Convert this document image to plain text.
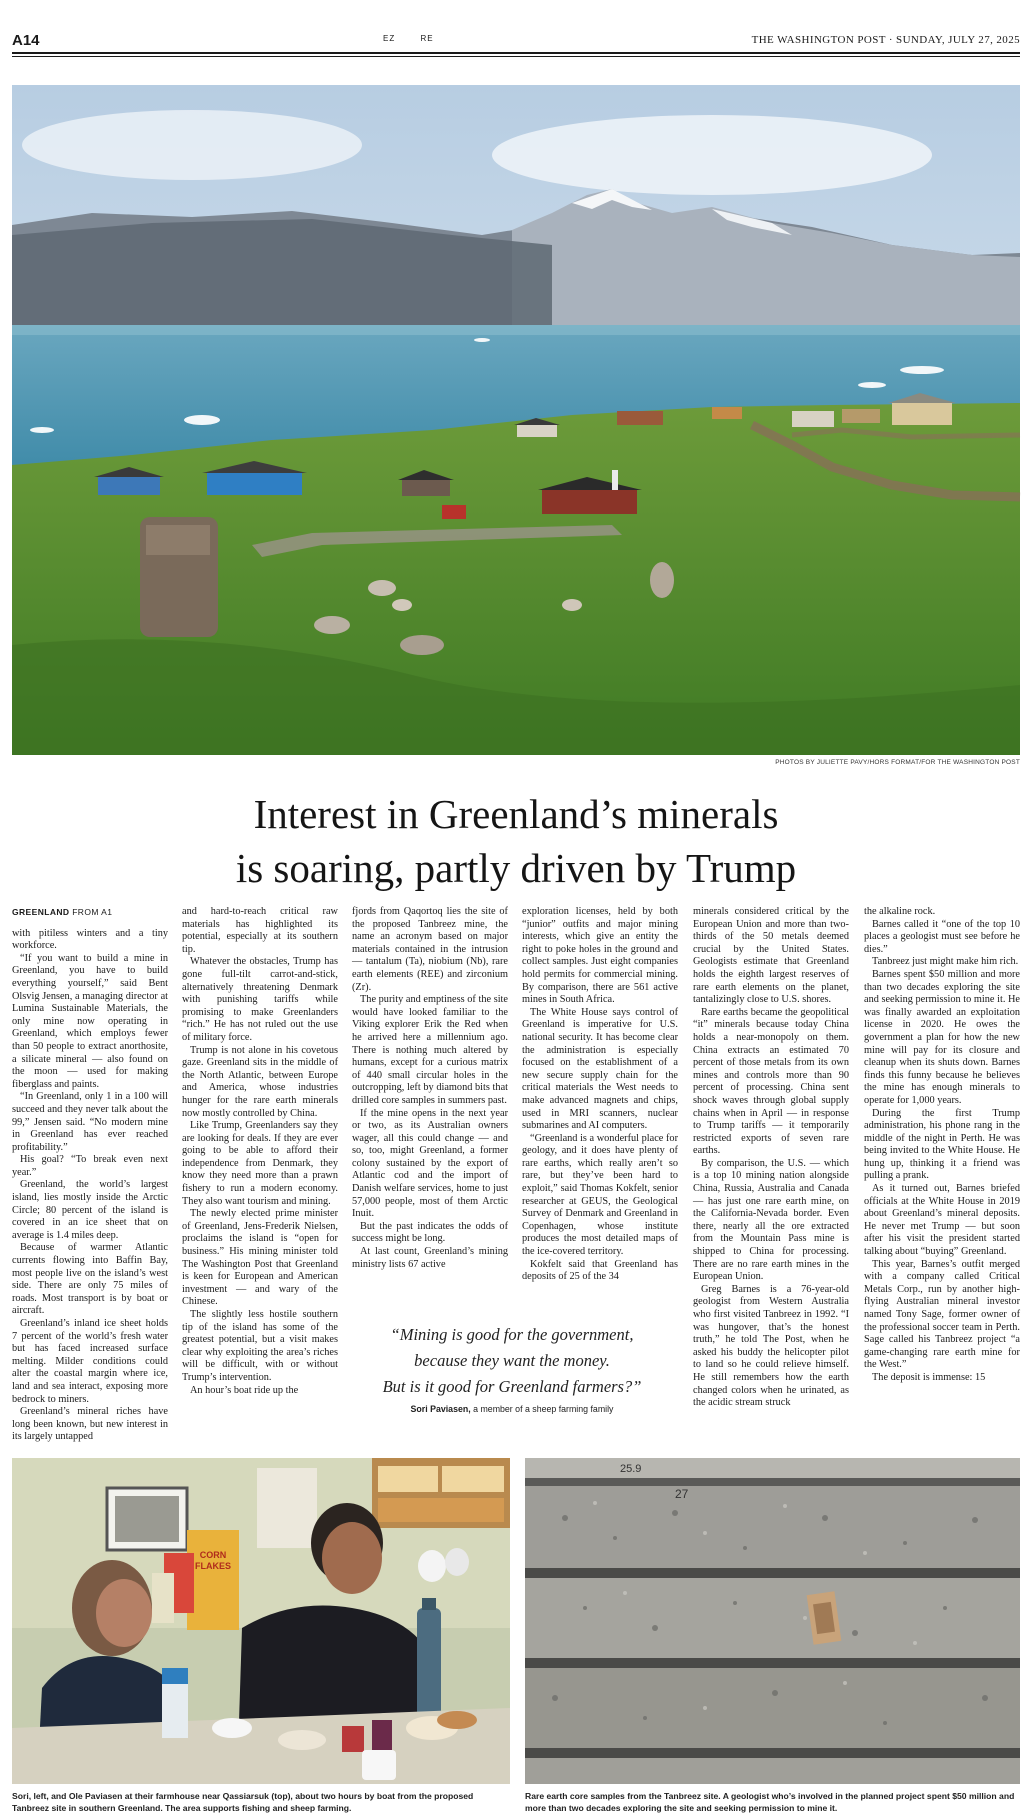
A14	EZ	RE	THE WASHINGTON POST · SUNDAY, JULY 27, 2025
PHOTOS BY JULIETTE PAVY/HORS FORMAT/FOR THE WASHINGTON POST
Interest in Greenland’s minerals
is soaring, partly driven by Trump

GREENLAND FROM A1

with pitiless winters and a tiny workforce.

“If you want to build a mine in Greenland, you have to build everything yourself,” said Bent Olsvig Jensen, a managing director at Lumina Sustainable Materials, the only mine now operating in Greenland, which employs fewer than 50 people to extract anorthosite, a silicate mineral — also found on the moon — used for making fiberglass and paints.

“In Greenland, only 1 in a 100 will succeed and they never talk about the 99,” Jensen said. “No modern mine in Greenland has ever reached profitability.”

His goal? “To break even next year.”

Greenland, the world’s largest island, lies mostly inside the Arctic Circle; 80 percent of the island is covered in an ice sheet that on average is 1.4 miles deep.

Because of warmer Atlantic currents flowing into Baffin Bay, most people live on the island’s west side. There are only 75 miles of roads. Most transport is by boat or aircraft.

Greenland’s inland ice sheet holds 7 percent of the world’s fresh water but has faced increased surface melting. Milder conditions could alter the coastal margin where ice, land and sea interact, exposing more bedrock to miners.

Greenland’s mineral riches have long been known, but new interest in its largely untapped

and hard-to-reach critical raw materials has highlighted its potential, especially at its southern tip.

Whatever the obstacles, Trump has gone full-tilt carrot-and-stick, alternatively threatening Denmark with punishing tariffs while promising to make Greenlanders “rich.” He has not ruled out the use of military force.

Trump is not alone in his covetous gaze. Greenland sits in the middle of the North Atlantic, between Europe and America, whose industries hunger for the rare earth minerals now mostly controlled by China.

Like Trump, Greenlanders say they are looking for deals. If they are ever going to be able to afford their independence from Denmark, they know they need more than a prawn fishery to run a modern economy. They also want tourism and mining.

The newly elected prime minister of Greenland, Jens-Frederik Nielsen, proclaims the island is “open for business.” His mining minister told The Washington Post that Greenland is keen for European and American investment — and wary of the Chinese.

The slightly less hostile southern tip of the island has some of the greatest potential, but a visit makes clear why exploiting the area’s riches will be difficult, with or without Trump’s intervention.

An hour’s boat ride up the

fjords from Qaqortoq lies the site of the proposed Tanbreez mine, the name an acronym based on major materials contained in the intrusion — tantalum (Ta), niobium (Nb), rare earth elements (REE) and zirconium (Zr).

The purity and emptiness of the site would have looked familiar to the Viking explorer Erik the Red when he arrived here a millennium ago. There is nothing much altered by humans, except for a curious matrix of 440 small circular holes in the outcropping, left by diamond bits that drilled core samples in summers past.

If the mine opens in the next year or two, as its Australian owners wager, all this could change — and so, too, might Greenland, a former colony sustained by the export of Atlantic cod and the import of Danish welfare services, home to just 57,000 people, most of them Arctic Inuit.

But the past indicates the odds of success might be long.

At last count, Greenland’s mining ministry lists 67 active

exploration licenses, held by both “junior” outfits and major mining interests, which give an entity the right to poke holes in the ground and collect samples. Just eight companies hold permits for commercial mining. By comparison, there are 561 active mines in South Africa.

The White House says control of Greenland is imperative for U.S. national security. It has become clear the administration is especially focused on the establishment of a new secure supply chain for the critical materials the West needs to make advanced magnets and chips, used in MRI scanners, nuclear submarines and AI computers.

“Greenland is a wonderful place for geology, and it does have plenty of rare earths, which really aren’t so rare, but they’ve been hard to exploit,” said Thomas Kokfelt, senior researcher at GEUS, the Geological Survey of Denmark and Greenland in Copenhagen, whose institute produces the most detailed maps of the ice-covered territory.

Kokfelt said that Greenland has deposits of 25 of the 34

minerals considered critical by the European Union and more than two-thirds of the 50 metals deemed crucial by the United States. Geologists estimate that Greenland holds the eighth largest reserves of rare earth elements on the planet, tantalizingly close to U.S. shores.

Rare earths became the geopolitical “it” minerals because today China holds a near-monopoly on them. China extracts an estimated 70 percent of those metals from its own mines and controls more than 90 percent of processing. China sent shock waves through global supply chains when in April — in response to Trump tariffs — it temporarily restricted exports of seven rare earths.

By comparison, the U.S. — which is a top 10 mining nation alongside China, Russia, Australia and Canada — has just one rare earth mine, on the California-Nevada border. Even there, nearly all the ore extracted from the Mountain Pass mine is shipped to China for processing. There are no rare earth mines in the European Union.

Greg Barnes is a 76-year-old geologist from Western Australia who first visited Tanbreez in 1992. “I was hungover, that’s the honest truth,” he told The Post, when he asked his buddy the helicopter pilot to land so he could relieve himself. He still remembers how the earth changed colors when he urinated, as the acidic stream struck

the alkaline rock.

Barnes called it “one of the top 10 places a geologist must see before he dies.”

Tanbreez just might make him rich.

Barnes spent $50 million and more than two decades exploring the site and seeking permission to mine it. He was finally awarded an exploitation license in 2020. He owes the government a plan for how the new mine will pay for its closure and cleanup when its shuts down. Barnes finds this funny because he believes the mine has enough minerals to operate for 1,000 years.

During the first Trump administration, his phone rang in the middle of the night in Perth. He was being invited to the White House. He hung up, thinking it a friend was pulling a prank.

As it turned out, Barnes briefed officials at the White House in 2019 about Greenland’s mineral deposits. He never met Trump — but soon after his visit the president started talking about “buying” Greenland.

This year, Barnes’s outfit merged with a company called Critical Metals Corp., run by another high-flying Australian mineral investor named Tony Sage, former owner of the professional soccer team in Perth. Sage called his Tanbreez project “a game-changing rare earth mine for the West.”

The deposit is immense: 15

“Mining is good for the government,
because they want the money.
But is it good for Greenland farmers?”
Sori Paviasen, a member of a sheep farming family
CORN FLAKES
Sori, left, and Ole Paviasen at their farmhouse near Qassiarsuk (top), about two hours by boat from the proposed Tanbreez site in southern Greenland. The area supports fishing and sheep farming.
25.9
27
Rare earth core samples from the Tanbreez site. A geologist who’s involved in the planned project spent $50 million and more than two decades exploring the site and seeking permission to mine it.
